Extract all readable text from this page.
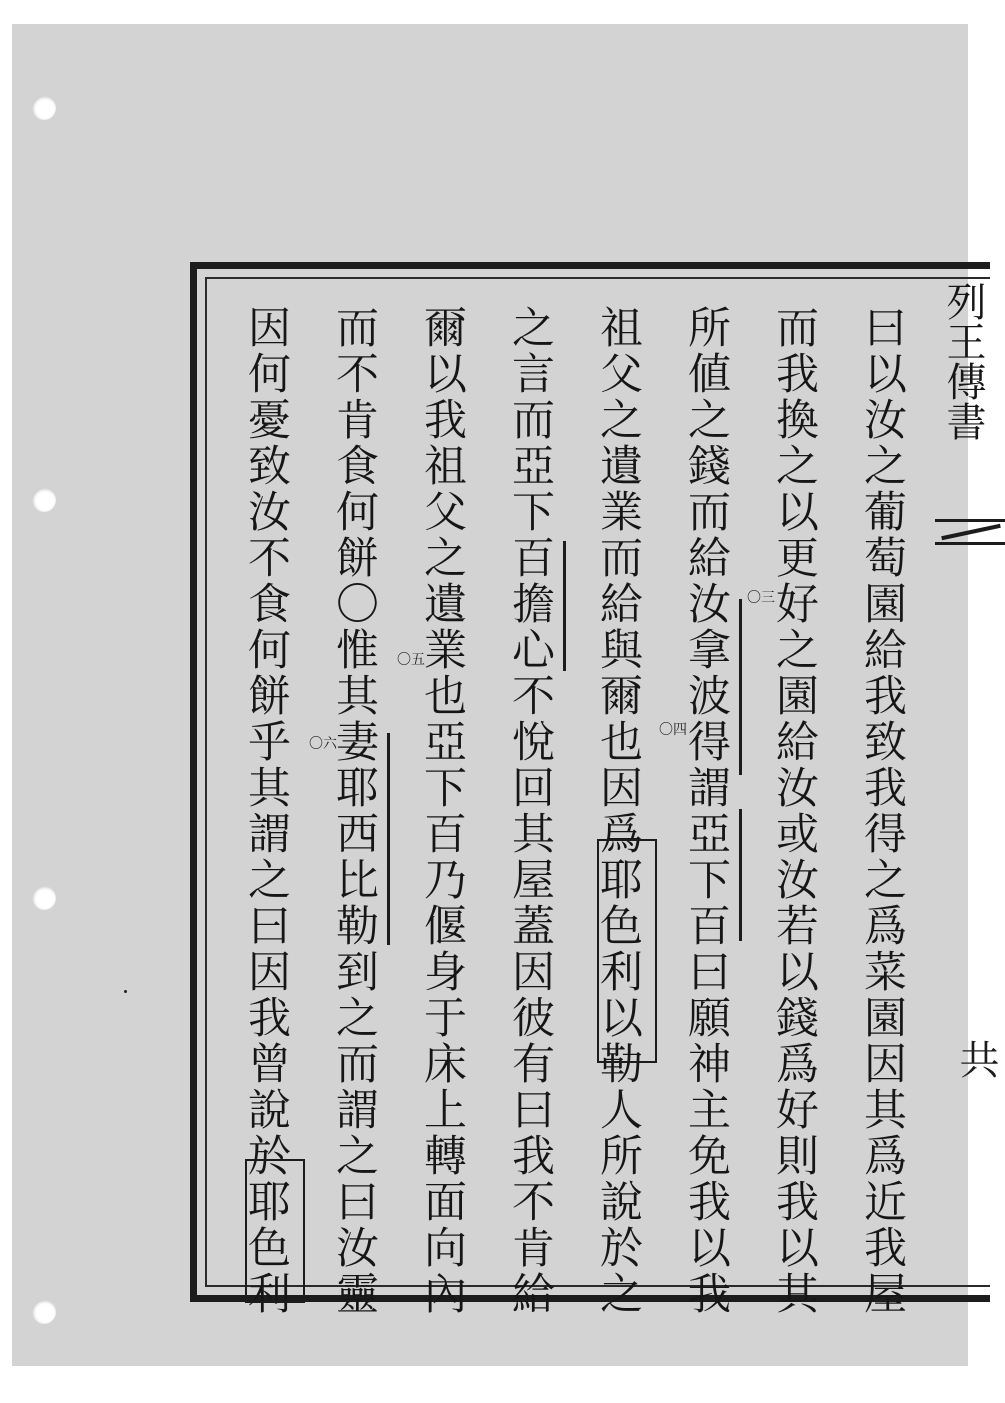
列王傳書
共
曰以汝之葡萄園給我致我得之爲菜園因其爲近我屋
而我換之以更好之園給汝或汝若以錢爲好則我以其
所値之錢而給汝拿波得謂亞下百曰願神主免我以我
祖父之遺業而給與爾也因爲耶色利以勒人所說於之
之言而亞下百擔心不悅回其屋蓋因彼有曰我不肯給
爾以我祖父之遺業也亞下百乃偃身于床上轉面向內
而不肯食何餅〇惟其妻耶西比勒到之而謂之曰汝靈
因何憂致汝不食何餅乎其謂之曰因我曾說於耶色利	〇三
〇四
〇五
〇六
